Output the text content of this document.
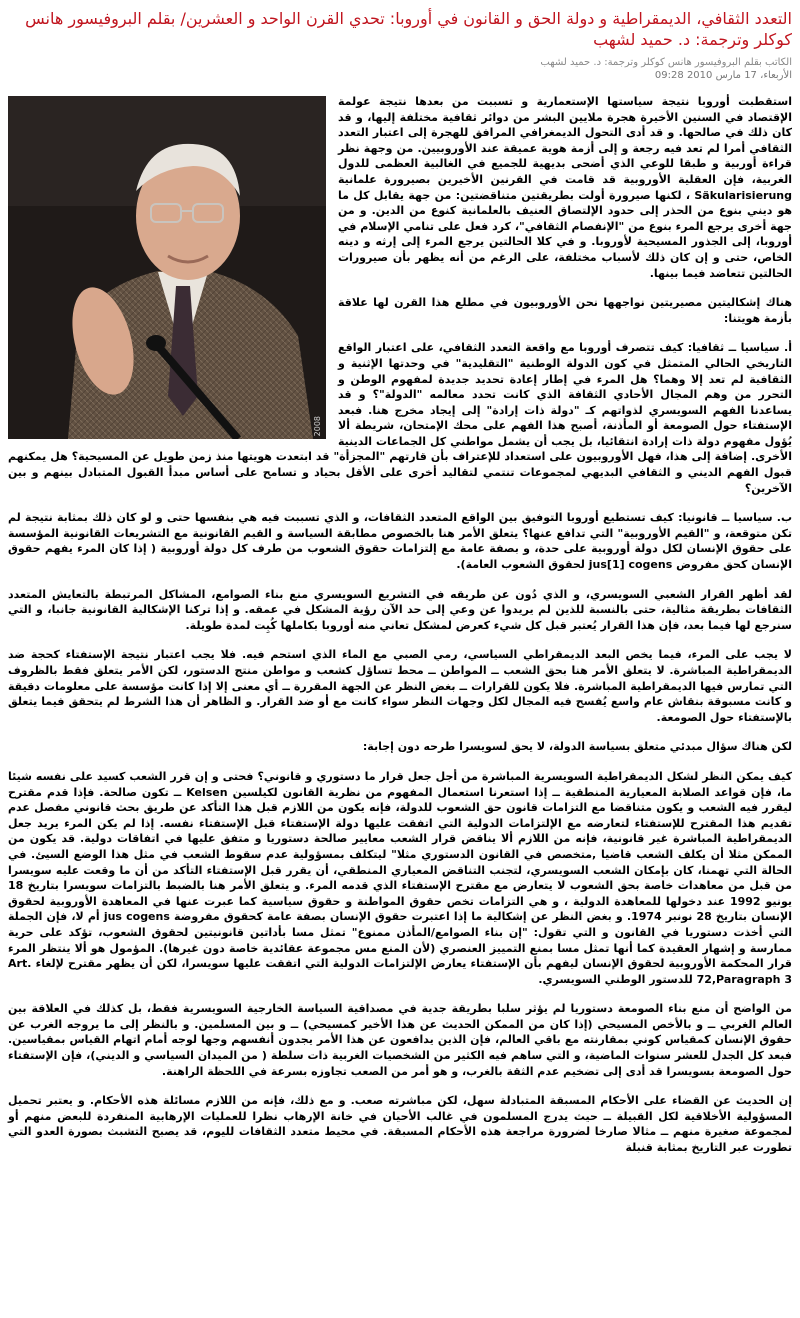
التعدد الثقافي، الديمقراطية و دولة الحق و القانون في أوروبا: تحدي القرن الواحد و العشرين/ بقلم البروفيسور هانس كوكلر وترجمة: د. حميد لشهب
الكاتب بقلم البروفيسور هانس كوكلر وترجمة: د. حميد لشهب
الأربعاء، 17 مارس 2010 09:28
2008

استقطبت أوروبا نتيجة سياستها الإستعمارية و تسببت من بعدها نتيجة عولمة الإقتصاد في السنين الأخيرة هجرة ملايين البشر من دوائر ثقافية مختلفة إليها، و قد كان ذلك في صالحها. و قد أدى التحول الديمغرافي المرافق للهجرة إلى اعتبار التعدد الثقافي أمرا لم تعد فيه رجعة و إلى أزمة هوية عميقة عند الأوروبيين. من وجهة نظر قراءة أوربية و طبقا للوعي الذي أضحى بديهية للجميع في الغالبية العظمى للدول الغربية، فإن العقلية الأوروبية قد قامت في القرنين الأخيرين بصيرورة علمانية Säkularisierung ، لكنها صيرورة أولت بطريقتين متناقضتين: من جهة يقابل كل ما هو ديني بنوع من الحذر إلى حدود الإلتصاق العنيف بالعلمانية كنوع من الدين. و من جهة أخرى يرجع المرء بنوع من "الإنفصام الثقافي"، كرد فعل على تنامي الإسلام في أوروبا، إلى الجذور المسيحية لأوروبا. و في كلا الحالتين يرجع المرء إلى إرثه و دينه الخاص، حتى و إن كان ذلك لأسباب مختلفة، على الرغم من أنه يظهر بأن صيرورات الحالتين تتعاضد فيما بينها.

هناك إشكاليتين مصيريتين نواجهها نحن الأوروبيون في مطلع هذا القرن لها علاقة بأزمة هويتنا:

أ. سياسيا ــ ثقافيا: كيف تتصرف أوروبا مع واقعة التعدد الثقافي، على اعتبار الواقع التاريخي الحالي المتمثل في كون الدولة الوطنية "التقليدية" في وحدتها الإثنية و الثقافية لم تعد إلا وهما؟ هل المرء في إطار إعادة تحديد جديدة لمفهوم الوطن و التحرر من وهم المجال الأحادي الثقافة الذي كانت تحدد معالمه "الدولة"؟ و قد يساعدنا الفهم السويسري لذواتهم كـ "دولة ذات إرادة" إلى إيجاد مخرج هنا. فبعد الإستفتاء حول الصومعة أو المأذنة، أصبح هذا الفهم على محك الإمتحان، شريطة ألا يُؤول مفهوم دولة ذات إرادة انتقائيا، بل يجب أن يشمل مواطني كل الجماعات الدينية الأخرى. إضافة إلى هذا، فهل الأوروبيون على استعداد للإعتراف بأن قارتهم "المجزأة" قد ابتعدت هويتها منذ زمن طويل عن المسيحية؟ هل يمكنهم قبول الفهم الديني و الثقافي البديهي لمجموعات تنتمي لتقاليد أخرى على الأقل بحياد و تسامح على أساس مبدأ القبول المتبادل بينهم و بين الآخرين؟

ب. سياسيا ــ قانونيا: كيف تستطيع أوروبا التوفيق بين الواقع المتعدد الثقافات، و الذي تسببت فيه هي بنفسها حتى و لو كان ذلك بمثابة نتيجة لم تكن متوقعة، و "القيم الأوروبية" التي تدافع عنها؟ يتعلق الأمر هنا بالخصوص مطابقة السياسة و القيم القانونية مع التشريعات القانونية المؤسسة على حقوق الإنسان لكل دولة أوروبية على حدة، و بصفة عامة مع إلتزامات حقوق الشعوب من طرف كل دولة أوروبية ( إذا كان المرء يفهم حقوق الإنسان كحق مفروض jus[1] cogens لحقوق الشعوب العامة).

لقد أظهر القرار الشعبي السويسري، و الذي دُون عن طريقه في التشريع السويسري منع بناء الصوامع، المشاكل المرتبطة بالتعايش المتعدد الثقافات بطريقة مثالية، حتى بالنسبة للذين لم يريدوا عن وعي إلى حد الآن رؤية المشكل في عمقه. و إذا تركنا الإشكالية القانونية جانبا، و التي سنرجع لها فيما بعد، فإن هذا القرار يُعتبر قبل كل شيء كعرض لمشكل تعاني منه أوروبا بكاملها كُبِت لمدة طويلة.

لا يجب على المرء، فيما يخص البعد الديمقراطي السياسي، رمي الصبي مع الماء الذي استحم فيه. فلا يجب اعتبار نتيجة الإستفتاء كحجة ضد الديمقراطية المباشرة. لا يتعلق الأمر هنا بحق الشعب ــ المواطن ــ محط تساؤل كشعب و مواطن منتج الدستور، لكن الأمر يتعلق فقط بالظروف التي تمارس فيها الديمقراطية المباشرة. فلا يكون للقرارات ــ بغض النظر عن الجهة المقررة ــ أي معنى إلا إذا كانت مؤسسة على معلومات دقيقة و كانت مسبوقة بنقاش عام واسع يُفسح فيه المجال لكل وجهات النظر سواء كانت مع أو ضد القرار. و الظاهر أن هذا الشرط لم يتحقق فيما يتعلق بالإستفتاء حول الصومعة.

لكن هناك سؤال مبدئي متعلق بسياسة الدولة، لا يحق لسويسرا طرحه دون إجابة:

كيف يمكن النظر لشكل الديمقراطية السويسرية المباشرة من أجل جعل قرار ما دستوري و قانوني؟ فحتى و إن قرر الشعب كسيد على نفسه شيئا ما، فإن قواعد الصلابة المعيارية المنطقية ــ إذا استعرنا استعمال المفهوم من نظرية القانون لكيلسين Kelsen ــ تكون صالحة. فإذا قدم مقترح ليقرر فيه الشعب و يكون متناقضا مع التزامات قانون حق الشعوب للدولة، فإنه يكون من اللازم قبل هذا التأكد عن طريق بحث قانوني مفصل عدم تقديم هذا المقترح للإستفتاء لتعارضه مع الإلتزامات الدولية التي اتفقت عليها دولة الإستفتاء قبل الإستفتاء نفسه. إذا لم يكن المرء يريد جعل الديمقراطية المباشرة غير قانونية، فإنه من اللازم ألا يناقض قرار الشعب معايير صالحة دستوريا و متفق عليها في اتفاقات دولية. قد يكون من الممكن مثلا أن يكلف الشعب قاضيا ,متخصص في القانون الدستوري مثلا" ليتكلف بمسؤولية عدم سقوط الشعب في مثل هذا الوضع السيئ. في الحالة التي تهمنا، كان بإمكان الشعب السويسري، لتجنب التناقض المعياري المنطقي، أن يقرر قبل الإستفتاء التأكد من أن ما وقعت عليه سويسرا من قبل من معاهدات خاصة بحق الشعوب لا يتعارض مع مقترح الإستفتاء الذي قدمه المرء. و يتعلق الأمر هنا بالضبط بالتزامات سويسرا بتاريخ 18 يونيو 1992 عند دخولها للمعاهدة الدولية ، و هي التزامات تخص حقوق المواطنة و حقوق سياسية كما عبرت عنها في المعاهدة الأوروبية لحقوق الإنسان بتاريخ 28 نونبر 1974. و بغض النظر عن إشكالية ما إذا اعتبرت حقوق الإنسان بصفة عامة كحقوق مفروضة jus cogens أم لا، فإن الجملة التي أخذت دستوريا في القانون و التي تقول: "إن بناء الصوامع/المأذن ممنوع" تمثل مسا بأداتين قانونيتين لحقوق الشعوب، تؤكد على حرية ممارسة و إشهار العقيدة كما أنها تمثل مسا بمنع التمييز العنصري (لأن المنع مس مجموعة عقائدية خاصة دون غيرها). المؤمول هو ألا ينتظر المرء قرار المحكمة الأوروبية لحقوق الإنسان ليفهم بأن الإستفتاء يعارض الإلتزامات الدولية التي اتفقت عليها سويسرا، لكن أن يظهر مقترح لإلغاء Art. 72,Paragraph 3 للدستور الوطني السويسري.

من الواضح أن منع بناء الصومعة دستوريا لم يؤثر سلبا بطريقة جدية في مصداقية السياسة الخارجية السويسرية فقط، بل كذلك في العلاقة بين العالم الغربي ــ و بالأخص المسيحي (إذا كان من الممكن الحديث عن هذا الأخير كمسيحي) ــ و بين المسلمين. و بالنظر إلى ما يروجه الغرب عن حقوق الإنسان كمقياس كوني بمقارنته مع باقي العالم، فإن الذين يدافعون عن هذا الأمر يجدون أنفسهم وجها لوجه أمام اتهام القياس بمقياسين. فبعد كل الجدل للعشر سنوات الماضية، و التي ساهم فيه الكثير من الشخصيات الغربية ذات سلطة ( من الميدان السياسي و الديني)، فإن الإستفتاء حول الصومعة بسويسرا قد أدى إلى تضخيم عدم الثقة بالغرب، و هو أمر من الصعب تجاوزه بسرعة في اللحظة الراهنة.

إن الحديث عن القضاء على الأحكام المسبقة المتبادلة سهل، لكن مباشرته صعب. و مع ذلك، فإنه من اللازم مسائلة هذه الأحكام. و يعتبر تحميل المسؤولية الأخلاقية لكل القبيلة ــ حيث يدرج المسلمون في غالب الأحيان في خانة الإرهاب نظرا للعمليات الإرهابية المنفردة للبعض منهم أو لمجموعة صغيرة منهم ــ مثالا صارخا لضرورة مراجعة هذه الأحكام المسبقة. في محيط متعدد الثقافات لليوم، قد يصبح التشبث بصورة العدو التي تطورت عبر التاريخ بمثابة قنبلة
